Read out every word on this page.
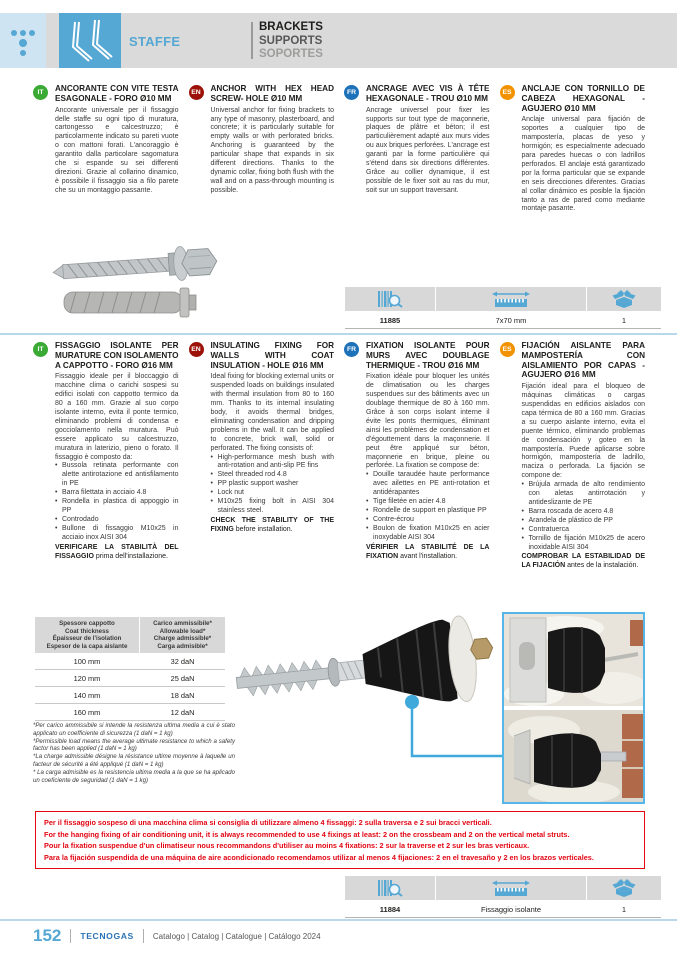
STAFFE
BRACKETS
SUPPORTS
SOPORTES
IT	ANCORANTE CON VITE TESTA ESAGONALE - FORO Ø10 MM

Ancorante universale per il fissaggio delle staffe su ogni tipo di muratura, cartongesso e calcestruzzo; è particolarmente indicato su pareti vuote o con mattoni forati. L'ancoraggio è garantito dalla particolare sagomatura che si espande su sei differenti direzioni. Grazie al collarino dinamico, è possibile il fissaggio sia a filo parete che su un montaggio passante.

EN	ANCHOR WITH HEX HEAD SCREW- HOLE Ø10 MM

Universal anchor for fixing brackets to any type of masonry, plasterboard, and concrete; it is particularly suitable for empty walls or with perforated bricks. Anchoring is guaranteed by the particular shape that expands in six different directions. Thanks to the dynamic collar, fixing both flush with the wall and on a pass-through mounting is possible.

FR	ANCRAGE AVEC VIS À TÊTE HEXAGONALE - TROU Ø10 MM

Ancrage universel pour fixer les supports sur tout type de maçonnerie, plaques de plâtre et béton; il est particulièrement adapté aux murs vides ou aux briques perforées. L'ancrage est garanti par la forme particulière qui s'étend dans six directions différentes. Grâce au collier dynamique, il est possible de le fixer soit au ras du mur, soit sur un support traversant.

ES	ANCLAJE CON TORNILLO DE CABEZA HEXAGONAL - AGUJERO Ø10 MM

Anclaje universal para fijación de soportes a cualquier tipo de mampostería, placas de yeso y hormigón; es especialmente adecuado para paredes huecas o con ladrillos perforados. El anclaje está garantizado por la forma particular que se expande en seis direcciones diferentes. Gracias al collar dinámico es posible la fijación tanto a ras de pared como mediante montaje pasante.

11885	7x70 mm	1
IT	FISSAGGIO ISOLANTE PER MURATURE CON ISOLAMENTO A CAPPOTTO - FORO Ø16 MM

Fissaggio ideale per il bloccaggio di macchine clima o carichi sospesi su edifici isolati con cappotto termico da 80 a 160 mm. Grazie al suo corpo isolante interno, evita il ponte termico, eliminando problemi di condensa e gocciolamento nella muratura. Può essere applicato su calcestruzzo, muratura in laterizio, pieno o forato. Il fissaggio è composto da:

• Bussola retinata performante con alette antirotazione ed antisfilamento in PE
• Barra filettata in acciaio 4.8
• Rondella in plastica di appoggio in PP
• Controdado
• Bullone di fissaggio M10x25 in acciaio inox AISI 304

VERIFICARE LA STABILITÀ DEL FISSAGGIO prima dell'installazione.

EN	INSULATING FIXING FOR WALLS WITH COAT INSULATION - HOLE Ø16 MM

Ideal fixing for blocking external units or suspended loads on buildings insulated with thermal insulation from 80 to 160 mm. Thanks to its internal insulating body, it avoids thermal bridges, eliminating condensation and dripping problems in the wall. It can be applied to concrete, brick wall, solid or perforated. The fixing consists of:

• High-performance mesh bush with anti-rotation and anti-slip PE fins
• Steel threaded rod 4.8
• PP plastic support washer
• Lock nut
• M10x25 fixing bolt in AISI 304 stainless steel.

CHECK THE STABILITY OF THE FIXING before installation.

FR	FIXATION ISOLANTE POUR MURS AVEC DOUBLAGE THERMIQUE - TROU Ø16 MM

Fixation idéale pour bloquer les unités de climatisation ou les charges suspendues sur des bâtiments avec un doublage thermique de 80 à 160 mm. Grâce à son corps isolant interne il évite les ponts thermiques, éliminant ainsi les problèmes de condensation et d'égouttement dans la maçonnerie. Il peut être appliqué sur béton, maçonnerie en brique, pleine ou perforée. La fixation se compose de:

• Douille taraudée haute performance avec ailettes en PE anti-rotation et antidérapantes
• Tige filetée en acier 4.8
• Rondelle de support en plastique PP
• Contre-écrou
• Boulon de fixation M10x25 en acier inoxydable AISI 304

VÉRIFIER LA STABILITÉ DE LA FIXATION avant l'installation.

ES	FIJACIÓN AISLANTE PARA MAMPOSTERÍA CON AISLAMIENTO POR CAPAS - AGUJERO Ø16 MM

Fijación ideal para el bloqueo de máquinas climáticas o cargas suspendidas en edificios aislados con capa térmica de 80 a 160 mm. Gracias a su cuerpo aislante interno, evita el puente térmico, eliminando problemas de condensación y goteo en la mampostería. Puede aplicarse sobre hormigón, mampostería de ladrillo, maciza o perforada. La fijación se compone de:

• Brújula armada de alto rendimiento con aletas antirrotación y antideslizante de PE
• Barra roscada de acero 4.8
• Arandela de plástico de PP
• Contratuerca
• Tornillo de fijación M10x25 de acero inoxidable AISI 304

COMPROBAR LA ESTABILIDAD DE LA FIJACIÓN antes de la instalación.

Spessore cappotto
Coat thickness
Épaisseur de l'isolation
Espesor de la capa aislante
Carico ammissibile*
Allowable load*
Charge admissible*
Carga admisible*
100 mm	32 daN
120 mm	25 daN
140 mm	18 daN
160 mm	12 daN
*Per carico ammissibile si intende la resistenza ultima media a cui è stato applicato un coefficiente di sicurezza (1 daN = 1 kg)
*Permissible load means the average ultimate resistance to which a safety factor has been applied (1 daN = 1 kg)
*La charge admissible désigne la résistance ultime moyenne à laquelle un facteur de sécurité a été appliqué (1 daN = 1 kg)
* La carga admisible es la resistencia ultima media a la que se ha aplicado un coeficiente de seguridad (1 daN = 1 kg)
Per il fissaggio sospeso di una macchina clima si consiglia di utilizzare almeno 4 fissaggi: 2 sulla traversa e 2 sui bracci verticali.
For the hanging fixing of air conditioning unit, it is always recommended to use 4 fixings at least: 2 on the crossbeam and 2 on the vertical metal struts.
Pour la fixation suspendue d'un climatiseur nous recommandons d'utiliser au moins 4 fixations: 2 sur la traverse et 2 sur les bras verticaux.
Para la fijación suspendida de una máquina de aire acondicionado recomendamos utilizar al menos 4 fijaciones: 2 en el travesaño y 2 en los brazos verticales.
11884	Fissaggio isolante	1
152 TECNOGAS Catalogo | Catalog | Catalogue | Catálogo 2024
